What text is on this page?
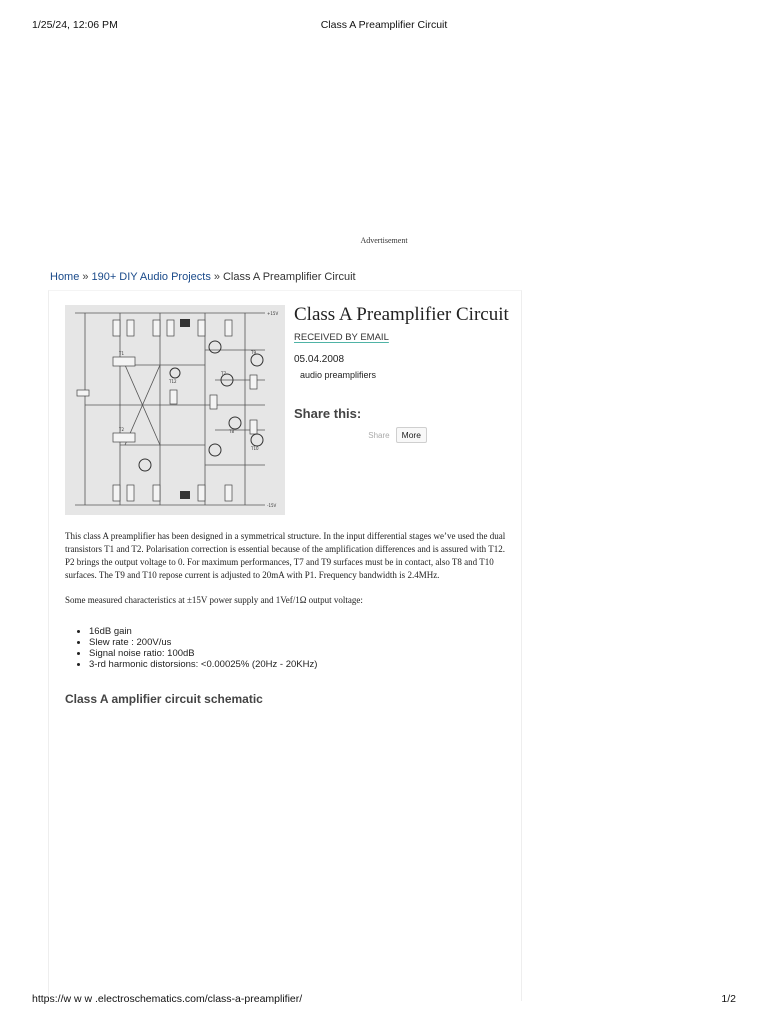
1/25/24, 12:06 PM	Class A Preamplifier Circuit
Advertisement
Home » 190+ DIY Audio Projects » Class A Preamplifier Circuit
+15V
-15V
T1
T2
T7
T8
T9
T10
T12
Class A Preamplifier Circuit
RECEIVED BY EMAIL
05.04.2008
audio preamplifiers
Share this:
Share More

This class A preamplifier has been designed in a symmetrical structure. In the input differential stages we’ve used the dual transistors T1 and T2. Polarisation correction is essential because of the amplification differences and is assured with T12. P2 brings the output voltage to 0. For maximum performances, T7 and T9 surfaces must be in contact, also T8 and T10 surfaces. The T9 and T10 repose current is adjusted to 20mA with P1. Frequency bandwidth is 2.4MHz.

Some measured characteristics at ±15V power supply and 1Vef/1Ω output voltage:

• 16dB gain
• Slew rate : 200V/us
• Signal noise ratio: 100dB
• 3-rd harmonic distorsions: <0.00025% (20Hz - 20KHz)
Class A amplifier circuit schematic
https://w w w .electroschematics.com/class-a-preamplifier/	1/2
